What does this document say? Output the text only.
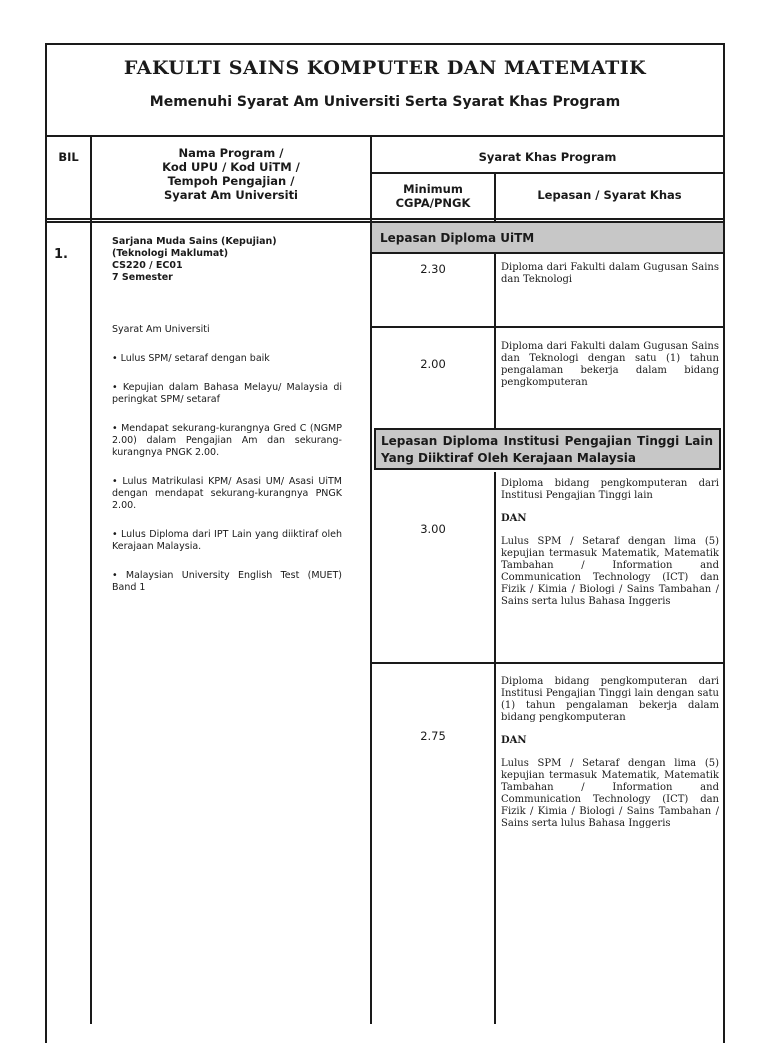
FAKULTI SAINS KOMPUTER DAN MATEMATIK
Memenuhi Syarat Am Universiti Serta Syarat Khas Program
BIL	Nama Program /
Kod UPU / Kod UiTM /
Tempoh Pengajian /
Syarat Am Universiti
Syarat Khas Program
Minimum
CGPA/PNGK
Lepasan / Syarat Khas
1.
Sarjana Muda Sains (Kepujian)
(Teknologi Maklumat)
CS220 / EC01
7 Semester

Syarat Am Universiti

• Lulus SPM/ setaraf dengan baik

• Kepujian dalam Bahasa Melayu/ Malaysia di peringkat SPM/ setaraf

• Mendapat sekurang-kurangnya Gred C (NGMP 2.00) dalam Pengajian Am dan sekurang-kurangnya PNGK 2.00.

• Lulus Matrikulasi KPM/ Asasi UM/ Asasi UiTM dengan mendapat sekurang-kurangnya PNGK 2.00.

• Lulus Diploma dari IPT Lain yang diiktiraf oleh Kerajaan Malaysia.

• Malaysian University English Test (MUET) Band 1

Lepasan Diploma UiTM
2.30	Diploma dari Fakulti dalam Gugusan Sains dan Teknologi

2.00

Diploma dari Fakulti dalam Gugusan Sains dan Teknologi dengan satu (1) tahun pengalaman bekerja dalam bidang pengkomputeran

Lepasan Diploma Institusi Pengajian Tinggi Lain Yang Diiktiraf Oleh Kerajaan Malaysia
3.00

Diploma bidang pengkomputeran dari Institusi Pengajian Tinggi lain

DAN

Lulus SPM / Setaraf dengan lima (5) kepujian termasuk Matematik, Matematik Tambahan / Information and Communication Technology (ICT) dan Fizik / Kimia / Biologi / Sains Tambahan / Sains serta lulus Bahasa Inggeris

2.75

Diploma bidang pengkomputeran dari Institusi Pengajian Tinggi lain dengan satu (1) tahun pengalaman bekerja dalam bidang pengkomputeran

DAN

Lulus SPM / Setaraf dengan lima (5) kepujian termasuk Matematik, Matematik Tambahan / Information and Communication Technology (ICT) dan Fizik / Kimia / Biologi / Sains Tambahan / Sains serta lulus Bahasa Inggeris
